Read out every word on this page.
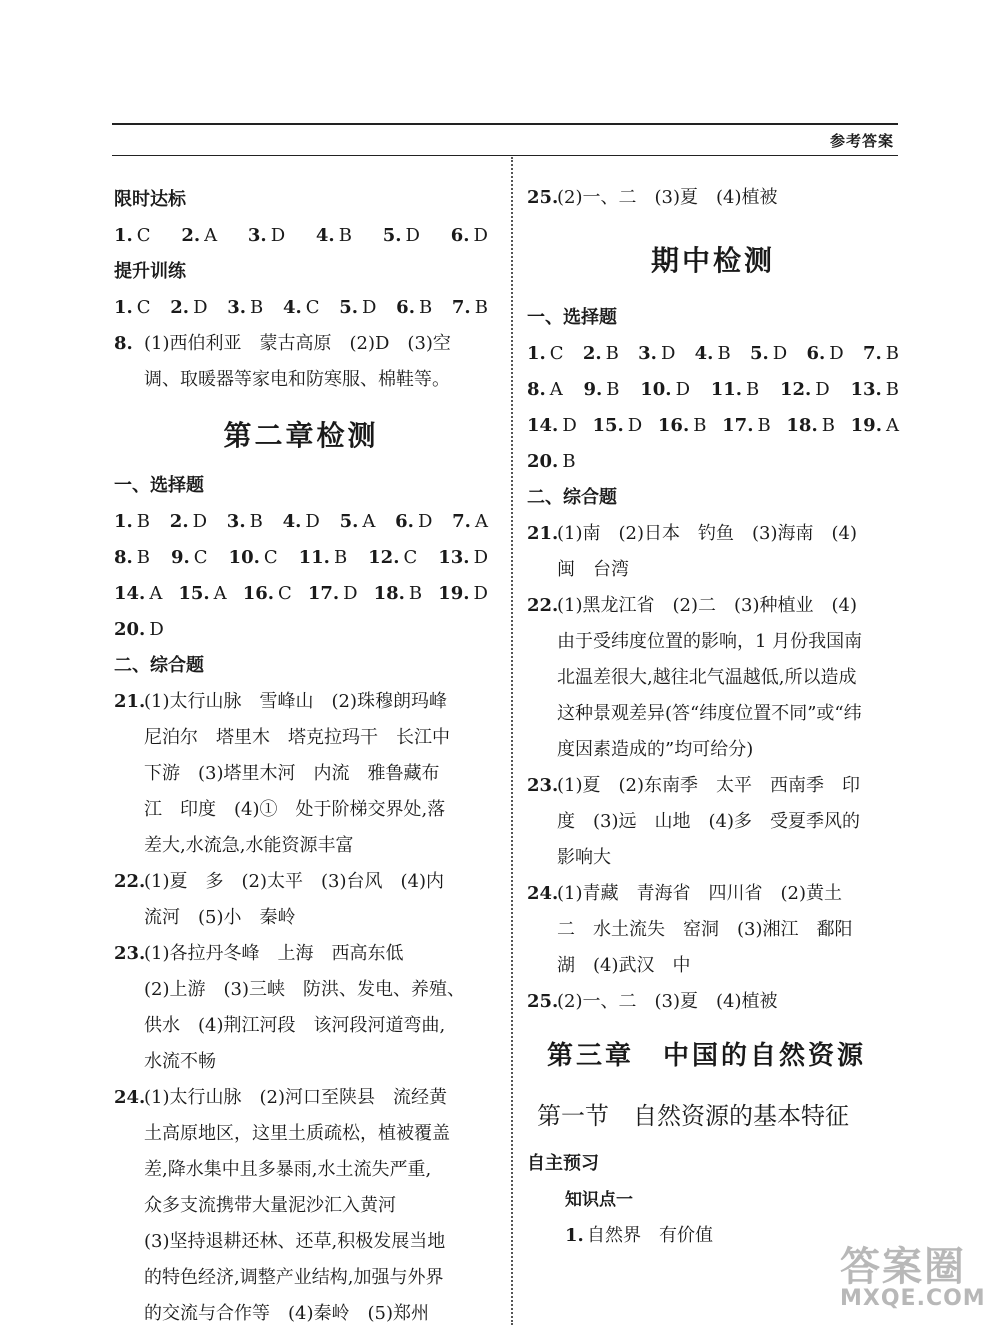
参考答案
限时达标
1. C 2. A 3. D 4. B 5. D 6. D
提升训练
1. C 2. D 3. B 4. C 5. D 6. B 7. B
8. (1)西伯利亚　蒙古高原　(2)D　(3)空
调、取暖器等家电和防寒服、棉鞋等。
第二章检测
一、选择题
1. B 2. D 3. B 4. D 5. A 6. D 7. A
8. B 9. C 10. C 11. B 12. C 13. D
14. A 15. A 16. C 17. D 18. B 19. D
20. D
二、综合题
21.(1)太行山脉　雪峰山　(2)珠穆朗玛峰
尼泊尔　塔里木　塔克拉玛干　长江中
下游　(3)塔里木河　内流　雅鲁藏布
江　印度　(4)①　处于阶梯交界处,落
差大,水流急,水能资源丰富
22.(1)夏　多　(2)太平　(3)台风　(4)内
流河　(5)小　秦岭
23.(1)各拉丹冬峰　上海　西高东低
(2)上游　(3)三峡　防洪、发电、养殖、
供水　(4)荆江河段　该河段河道弯曲,
水流不畅
24.(1)太行山脉　(2)河口至陕县　流经黄
土高原地区，这里土质疏松，植被覆盖
差,降水集中且多暴雨,水土流失严重,
众多支流携带大量泥沙汇入黄河
(3)坚持退耕还林、还草,积极发展当地
的特色经济,调整产业结构,加强与外界
的交流与合作等　(4)秦岭　(5)郑州
25.(2)一、二　(3)夏　(4)植被
期中检测
一、选择题
1. C 2. B 3. D 4. B 5. D 6. D 7. B
8. A 9. B 10. D 11. B 12. D 13. B
14. D 15. D 16. B 17. B 18. B 19. A
20. B
二、综合题
21.(1)南　(2)日本　钓鱼　(3)海南　(4)
闽　台湾
22.(1)黑龙江省　(2)二　(3)种植业　(4)
由于受纬度位置的影响，1 月份我国南
北温差很大,越往北气温越低,所以造成
这种景观差异(答“纬度位置不同”或“纬
度因素造成的”均可给分)
23.(1)夏　(2)东南季　太平　西南季　印
度　(3)远　山地　(4)多　受夏季风的
影响大
24.(1)青藏　青海省　四川省　(2)黄土
二　水土流失　窑洞　(3)湘江　鄱阳
湖　(4)武汉　中
25.(2)一、二　(3)夏　(4)植被
第三章　中国的自然资源
第一节　自然资源的基本特征
自主预习
知识点一
1. 自然界　有价值
答案圈
MXQE.COM
